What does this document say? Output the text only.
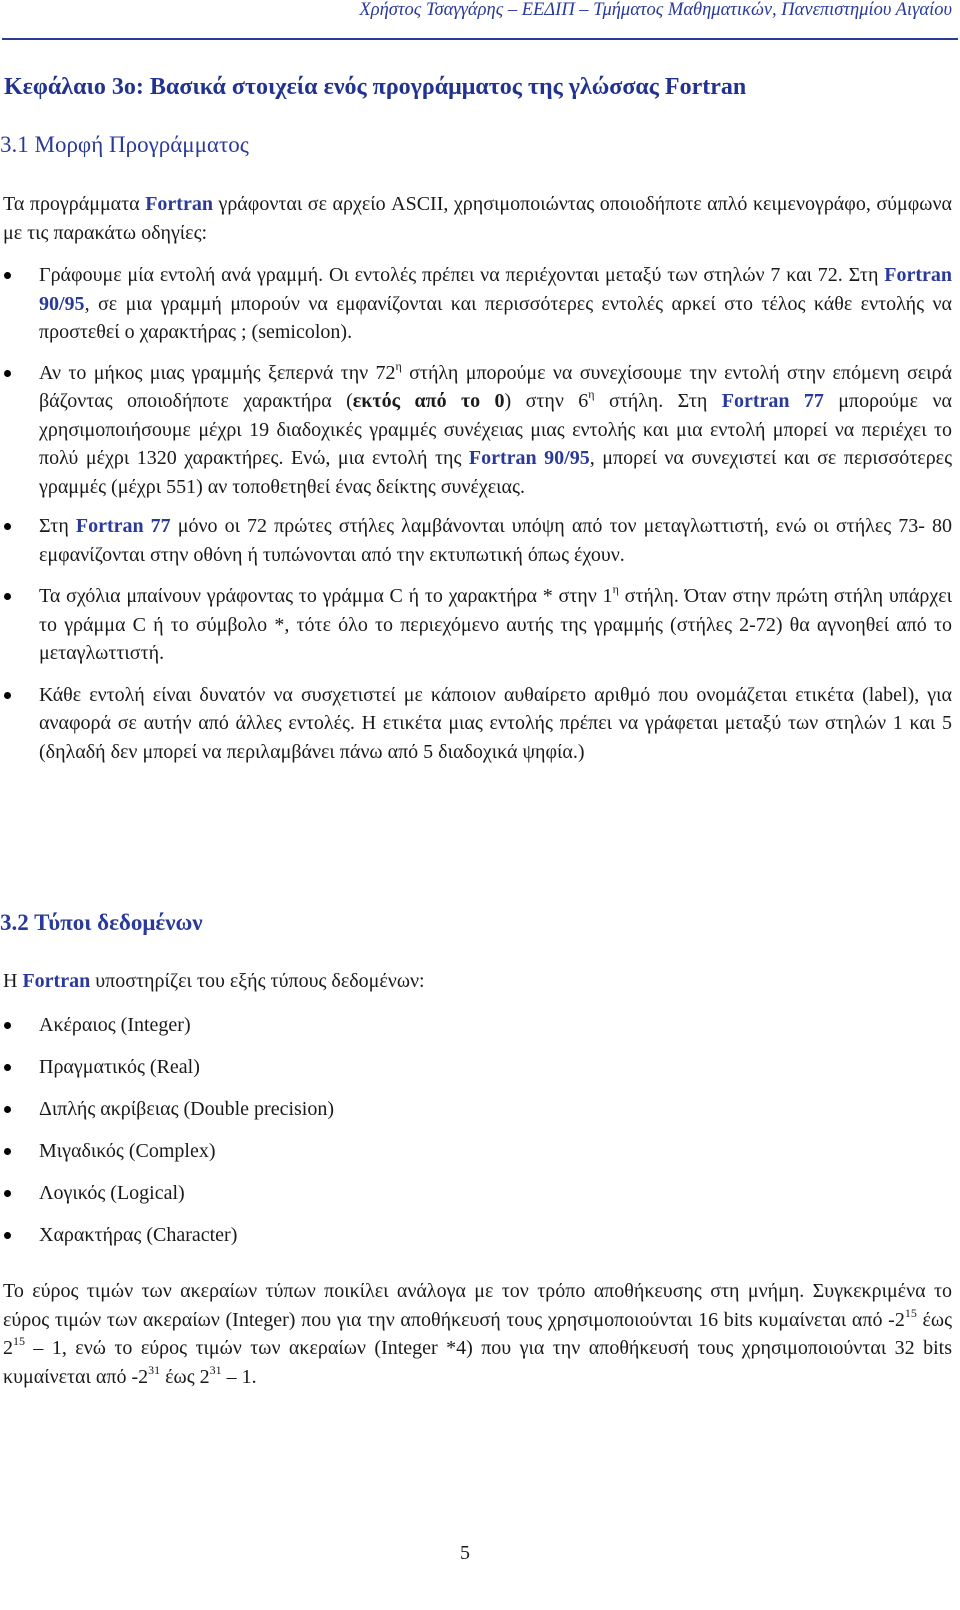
Χρήστος Τσαγγάρης – ΕΕΔΙΠ – Τμήματος Μαθηματικών, Πανεπιστημίου Αιγαίου
Κεφάλαιο 3ο: Βασικά στοιχεία ενός προγράμματος της γλώσσας Fortran
3.1 Μορφή Προγράμματος

Τα προγράμματα Fortran γράφονται σε αρχείο ASCII, χρησιμοποιώντας οποιοδήποτε απλό κειμενογράφο, σύμφωνα με τις παρακάτω οδηγίες:

Γράφουμε μία εντολή ανά γραμμή. Οι εντολές πρέπει να περιέχονται μεταξύ των στηλών 7 και 72. Στη Fortran 90/95, σε μια γραμμή μπορούν να εμφανίζονται και περισσότερες εντολές αρκεί στο τέλος κάθε εντολής να προστεθεί ο χαρακτήρας ; (semicolon).
Αν το μήκος μιας γραμμής ξεπερνά την $72^\eta$ στήλη μπορούμε να συνεχίσουμε την εντολή στην επόμενη σειρά βάζοντας οποιοδήποτε χαρακτήρα (εκτός από το 0) στην $6^\eta$ στήλη. Στη Fortran 77 μπορούμε να χρησιμοποιήσουμε μέχρι 19 διαδοχικές γραμμές συνέχειας μιας εντολής και μια εντολή μπορεί να περιέχει το πολύ μέχρι 1320 χαρακτήρες. Ενώ, μια εντολή της Fortran 90/95, μπορεί να συνεχιστεί και σε περισσότερες γραμμές (μέχρι 551) αν τοποθετηθεί ένας δείκτης συνέχειας.
Στη Fortran 77 μόνο οι 72 πρώτες στήλες λαμβάνονται υπόψη από τον μεταγλωττιστή, ενώ οι στήλες 73- 80 εμφανίζονται στην οθόνη ή τυπώνονται από την εκτυπωτική όπως έχουν.
Τα σχόλια μπαίνουν γράφοντας το γράμμα C ή το χαρακτήρα * στην $1^\eta$ στήλη. Όταν στην πρώτη στήλη υπάρχει το γράμμα C ή το σύμβολο *, τότε όλο το περιεχόμενο αυτής της γραμμής (στήλες 2-72) θα αγνοηθεί από το μεταγλωττιστή.
Κάθε εντολή είναι δυνατόν να συσχετιστεί με κάποιον αυθαίρετο αριθμό που ονομάζεται ετικέτα (label), για αναφορά σε αυτήν από άλλες εντολές. Η ετικέτα μιας εντολής πρέπει να γράφεται μεταξύ των στηλών 1 και 5 (δηλαδή δεν μπορεί να περιλαμβάνει πάνω από 5 διαδοχικά ψηφία.)
3.2 Τύποι δεδομένων

Η Fortran υποστηρίζει του εξής τύπους δεδομένων:

Ακέραιος (Integer)
Πραγματικός (Real)
Διπλής ακρίβειας (Double precision)
Μιγαδικός (Complex)
Λογικός (Logical)
Χαρακτήρας (Character)

Το εύρος τιμών των ακεραίων τύπων ποικίλει ανάλογα με τον τρόπο αποθήκευσης στη μνήμη. Συγκεκριμένα το εύρος τιμών των ακεραίων (Integer) που για την αποθήκευσή τους χρησιμοποιούνται 16 bits κυμαίνεται από $-2^{15}$ έως $2^{15} - 1$, ενώ το εύρος τιμών των ακεραίων (Integer *4) που για την αποθήκευσή τους χρησιμοποιούνται 32 bits κυμαίνεται από $-2^{31}$ έως $2^{31} - 1$.

5
